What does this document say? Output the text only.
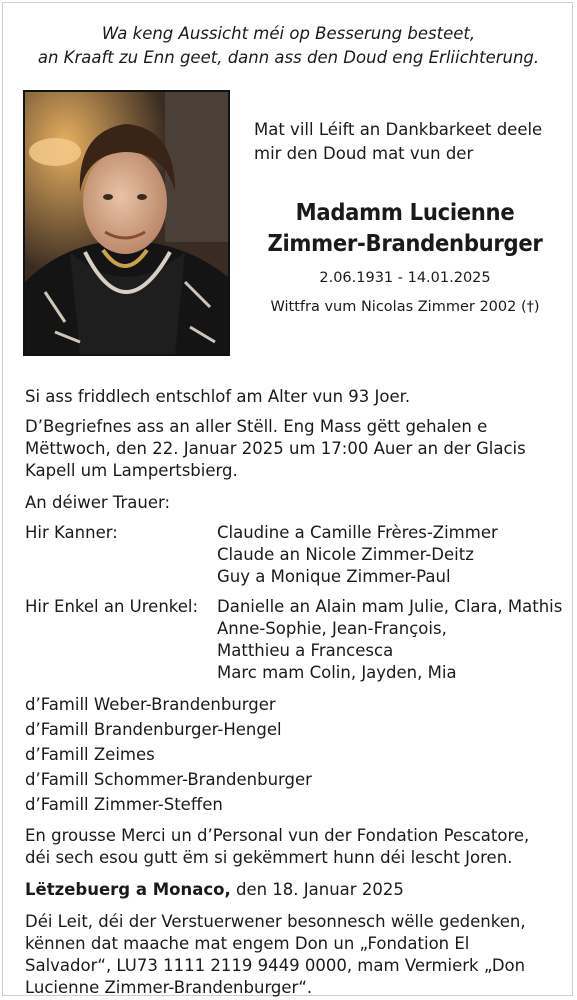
Wa keng Aussicht méi op Besserung besteet,
an Kraaft zu Enn geet, dann ass den Doud eng Erliichterung.
Mat vill Léift an Dankbarkeet deele
mir den Doud mat vun der
Madamm Lucienne
Zimmer-Brandenburger
2.06.1931 - 14.01.2025
Wittfra vum Nicolas Zimmer 2002 (†)

Si ass friddlech entschlof am Alter vun 93 Joer.

D’Begriefnes ass an aller Stëll. Eng Mass gëtt gehalen e Mëttwoch, den 22. Januar 2025 um 17:00 Auer an der Glacis Kapell um Lampertsbierg.

An déiwer Trauer:

Hir Kanner:	Claudine a Camille Frères-Zimmer
Claude an Nicole Zimmer-Deitz
Guy a Monique Zimmer-Paul
Hir Enkel an Urenkel:	Danielle an Alain mam Julie, Clara, Mathis
Anne-Sophie, Jean-François,
Matthieu a Francesca
Marc mam Colin, Jayden, Mia
d’Famill Weber-Brandenburger
d’Famill Brandenburger-Hengel
d’Famill Zeimes
d’Famill Schommer-Brandenburger
d’Famill Zimmer-Steffen

En grousse Merci un d’Personal vun der Fondation Pescatore, déi sech esou gutt ëm si gekëmmert hunn déi lescht Joren.

Lëtzebuerg a Monaco, den 18. Januar 2025

Déi Leit, déi der Verstuerwener besonnesch wëlle gedenken, kënnen dat maache mat engem Don un „Fondation El Salvador“, LU73 1111 2119 9449 0000, mam Vermierk „Don Lucienne Zimmer-Brandenburger“.
